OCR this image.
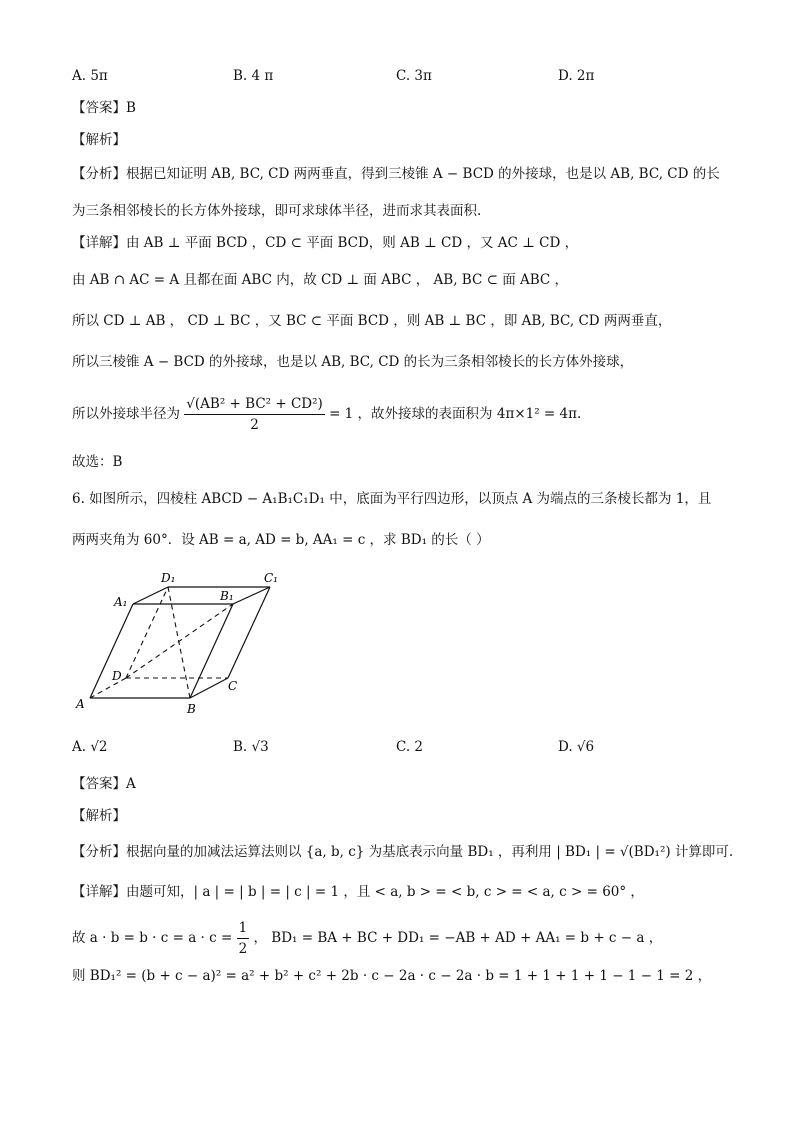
A. 5π	B. 4 π	C. 3π	D. 2π
【答案】B
【解析】
【分析】根据已知证明 AB, BC, CD 两两垂直，得到三棱锥 A − BCD 的外接球，也是以 AB, BC, CD 的长
为三条相邻棱长的长方体外接球，即可求球体半径，进而求其表面积.
【详解】由 AB ⊥ 平面 BCD ，CD ⊂ 平面 BCD，则 AB ⊥ CD ，又 AC ⊥ CD ，
由 AB ∩ AC = A 且都在面 ABC 内，故 CD ⊥ 面 ABC ， AB, BC ⊂ 面 ABC ，
所以 CD ⊥ AB ， CD ⊥ BC ，又 BC ⊂ 平面 BCD ，则 AB ⊥ BC ，即 AB, BC, CD 两两垂直，
所以三棱锥 A − BCD 的外接球，也是以 AB, BC, CD 的长为三条相邻棱长的长方体外接球，
所以外接球半径为 $\frac{\text{√(AB² + BC² + CD²)}}{2} = 1$ ，故外接球的表面积为 4π×1² = 4π.
故选：B
6. 如图所示，四棱柱 ABCD − A₁B₁C₁D₁ 中，底面为平行四边形，以顶点 A 为端点的三条棱长都为 1，且
两两夹角为 60°．设 AB = a, AD = b, AA₁ = c ，求 BD₁ 的长（ ）
D₁	C₁
A₁	B₁
D
C
A	B
A. √2	B. √3	C. 2	D. √6
【答案】A
【解析】
【分析】根据向量的加减法运算法则以 {a, b, c} 为基底表示向量 BD₁ ，再利用 | BD₁ | = √(BD₁²) 计算即可.
【详解】由题可知，| a | = | b | = | c | = 1 ，且 < a, b > = < b, c > = < a, c > = 60° ，
故 $a \cdot b = b \cdot c = a \cdot c = \frac{1}{2}$ ， BD₁ = BA + BC + DD₁ = −AB + AD + AA₁ = b + c − a ，
则 BD₁² = (b + c − a)² = a² + b² + c² + 2b · c − 2a · c − 2a · b = 1 + 1 + 1 + 1 − 1 − 1 = 2 ，
